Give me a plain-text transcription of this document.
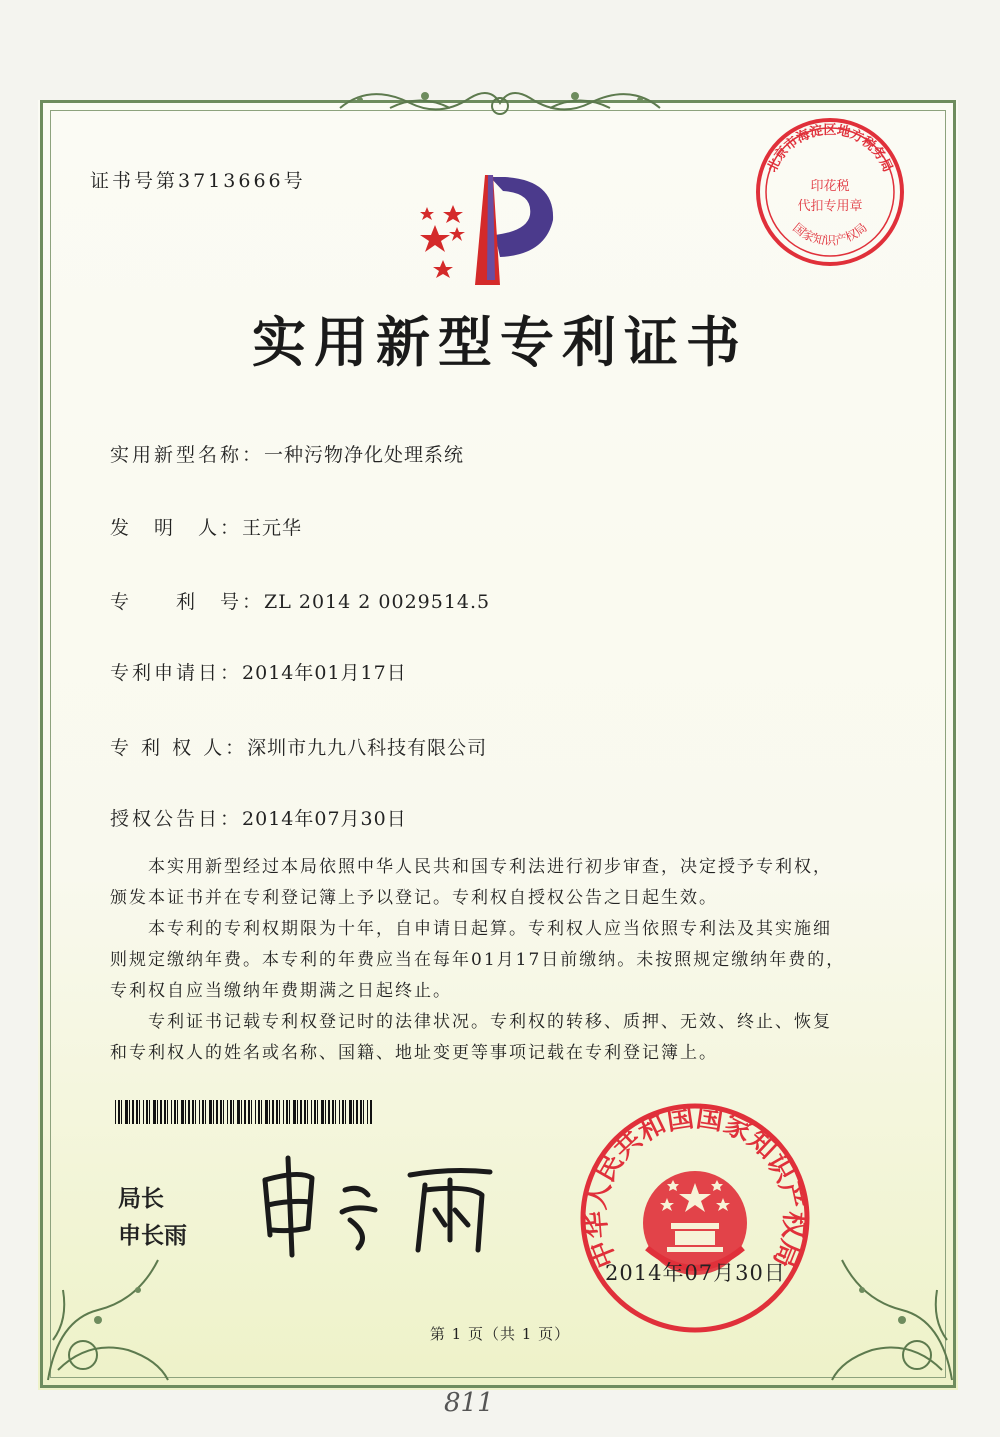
证书号第3713666号
北京市海淀区地方税务局
国家知识产权局
印花税
代扣专用章
实用新型专利证书
实用新型名称：一种污物净化处理系统
发　明　人：王元华
专　　利　号：ZL 2014 2 0029514.5
专利申请日：2014年01月17日
专 利 权 人：深圳市九九八科技有限公司
授权公告日：2014年07月30日

本实用新型经过本局依照中华人民共和国专利法进行初步审查，决定授予专利权，颁发本证书并在专利登记簿上予以登记。专利权自授权公告之日起生效。

本专利的专利权期限为十年，自申请日起算。专利权人应当依照专利法及其实施细则规定缴纳年费。本专利的年费应当在每年01月17日前缴纳。未按照规定缴纳年费的，专利权自应当缴纳年费期满之日起终止。

专利证书记载专利权登记时的法律状况。专利权的转移、质押、无效、终止、恢复和专利权人的姓名或名称、国籍、地址变更等事项记载在专利登记簿上。

局长
申长雨	中华人民共和国国家知识产权局
2014年07月30日
第 1 页（共 1 页）
811
